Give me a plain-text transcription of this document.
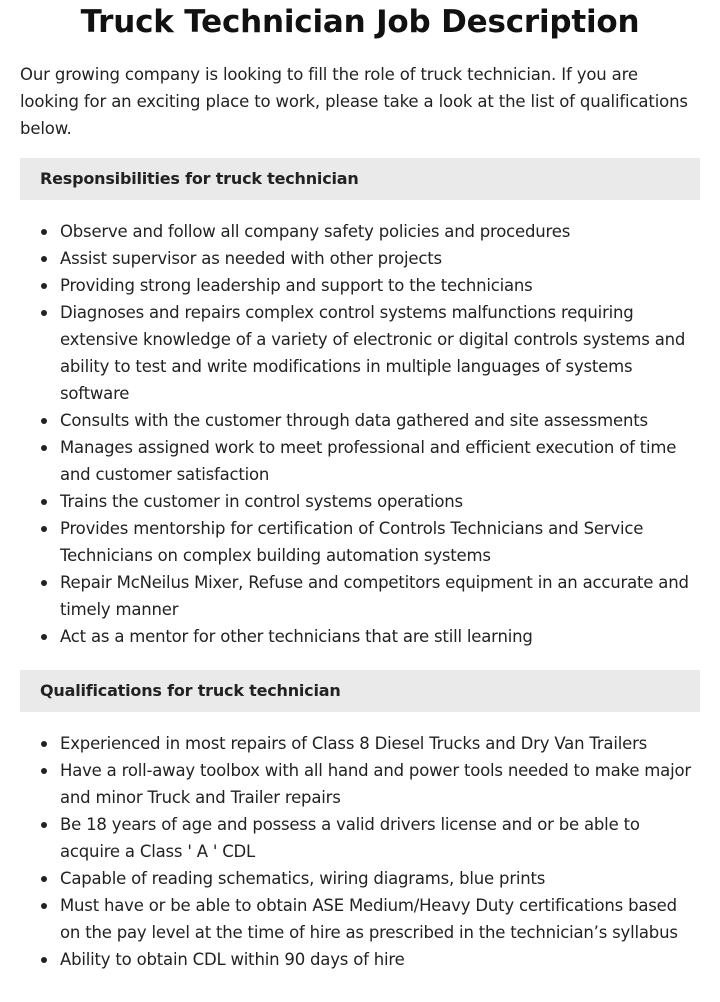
Truck Technician Job Description

Our growing company is looking to fill the role of truck technician. If you are looking for an exciting place to work, please take a look at the list of qualifications below.

Responsibilities for truck technician
Observe and follow all company safety policies and procedures
Assist supervisor as needed with other projects
Providing strong leadership and support to the technicians
Diagnoses and repairs complex control systems malfunctions requiring extensive knowledge of a variety of electronic or digital controls systems and ability to test and write modifications in multiple languages of systems software
Consults with the customer through data gathered and site assessments
Manages assigned work to meet professional and efficient execution of time and customer satisfaction
Trains the customer in control systems operations
Provides mentorship for certification of Controls Technicians and Service Technicians on complex building automation systems
Repair McNeilus Mixer, Refuse and competitors equipment in an accurate and timely manner
Act as a mentor for other technicians that are still learning
Qualifications for truck technician
Experienced in most repairs of Class 8 Diesel Trucks and Dry Van Trailers
Have a roll-away toolbox with all hand and power tools needed to make major and minor Truck and Trailer repairs
Be 18 years of age and possess a valid drivers license and or be able to acquire a Class ' A ' CDL
Capable of reading schematics, wiring diagrams, blue prints
Must have or be able to obtain ASE Medium/Heavy Duty certifications based on the pay level at the time of hire as prescribed in the technician’s syllabus
Ability to obtain CDL within 90 days of hire
